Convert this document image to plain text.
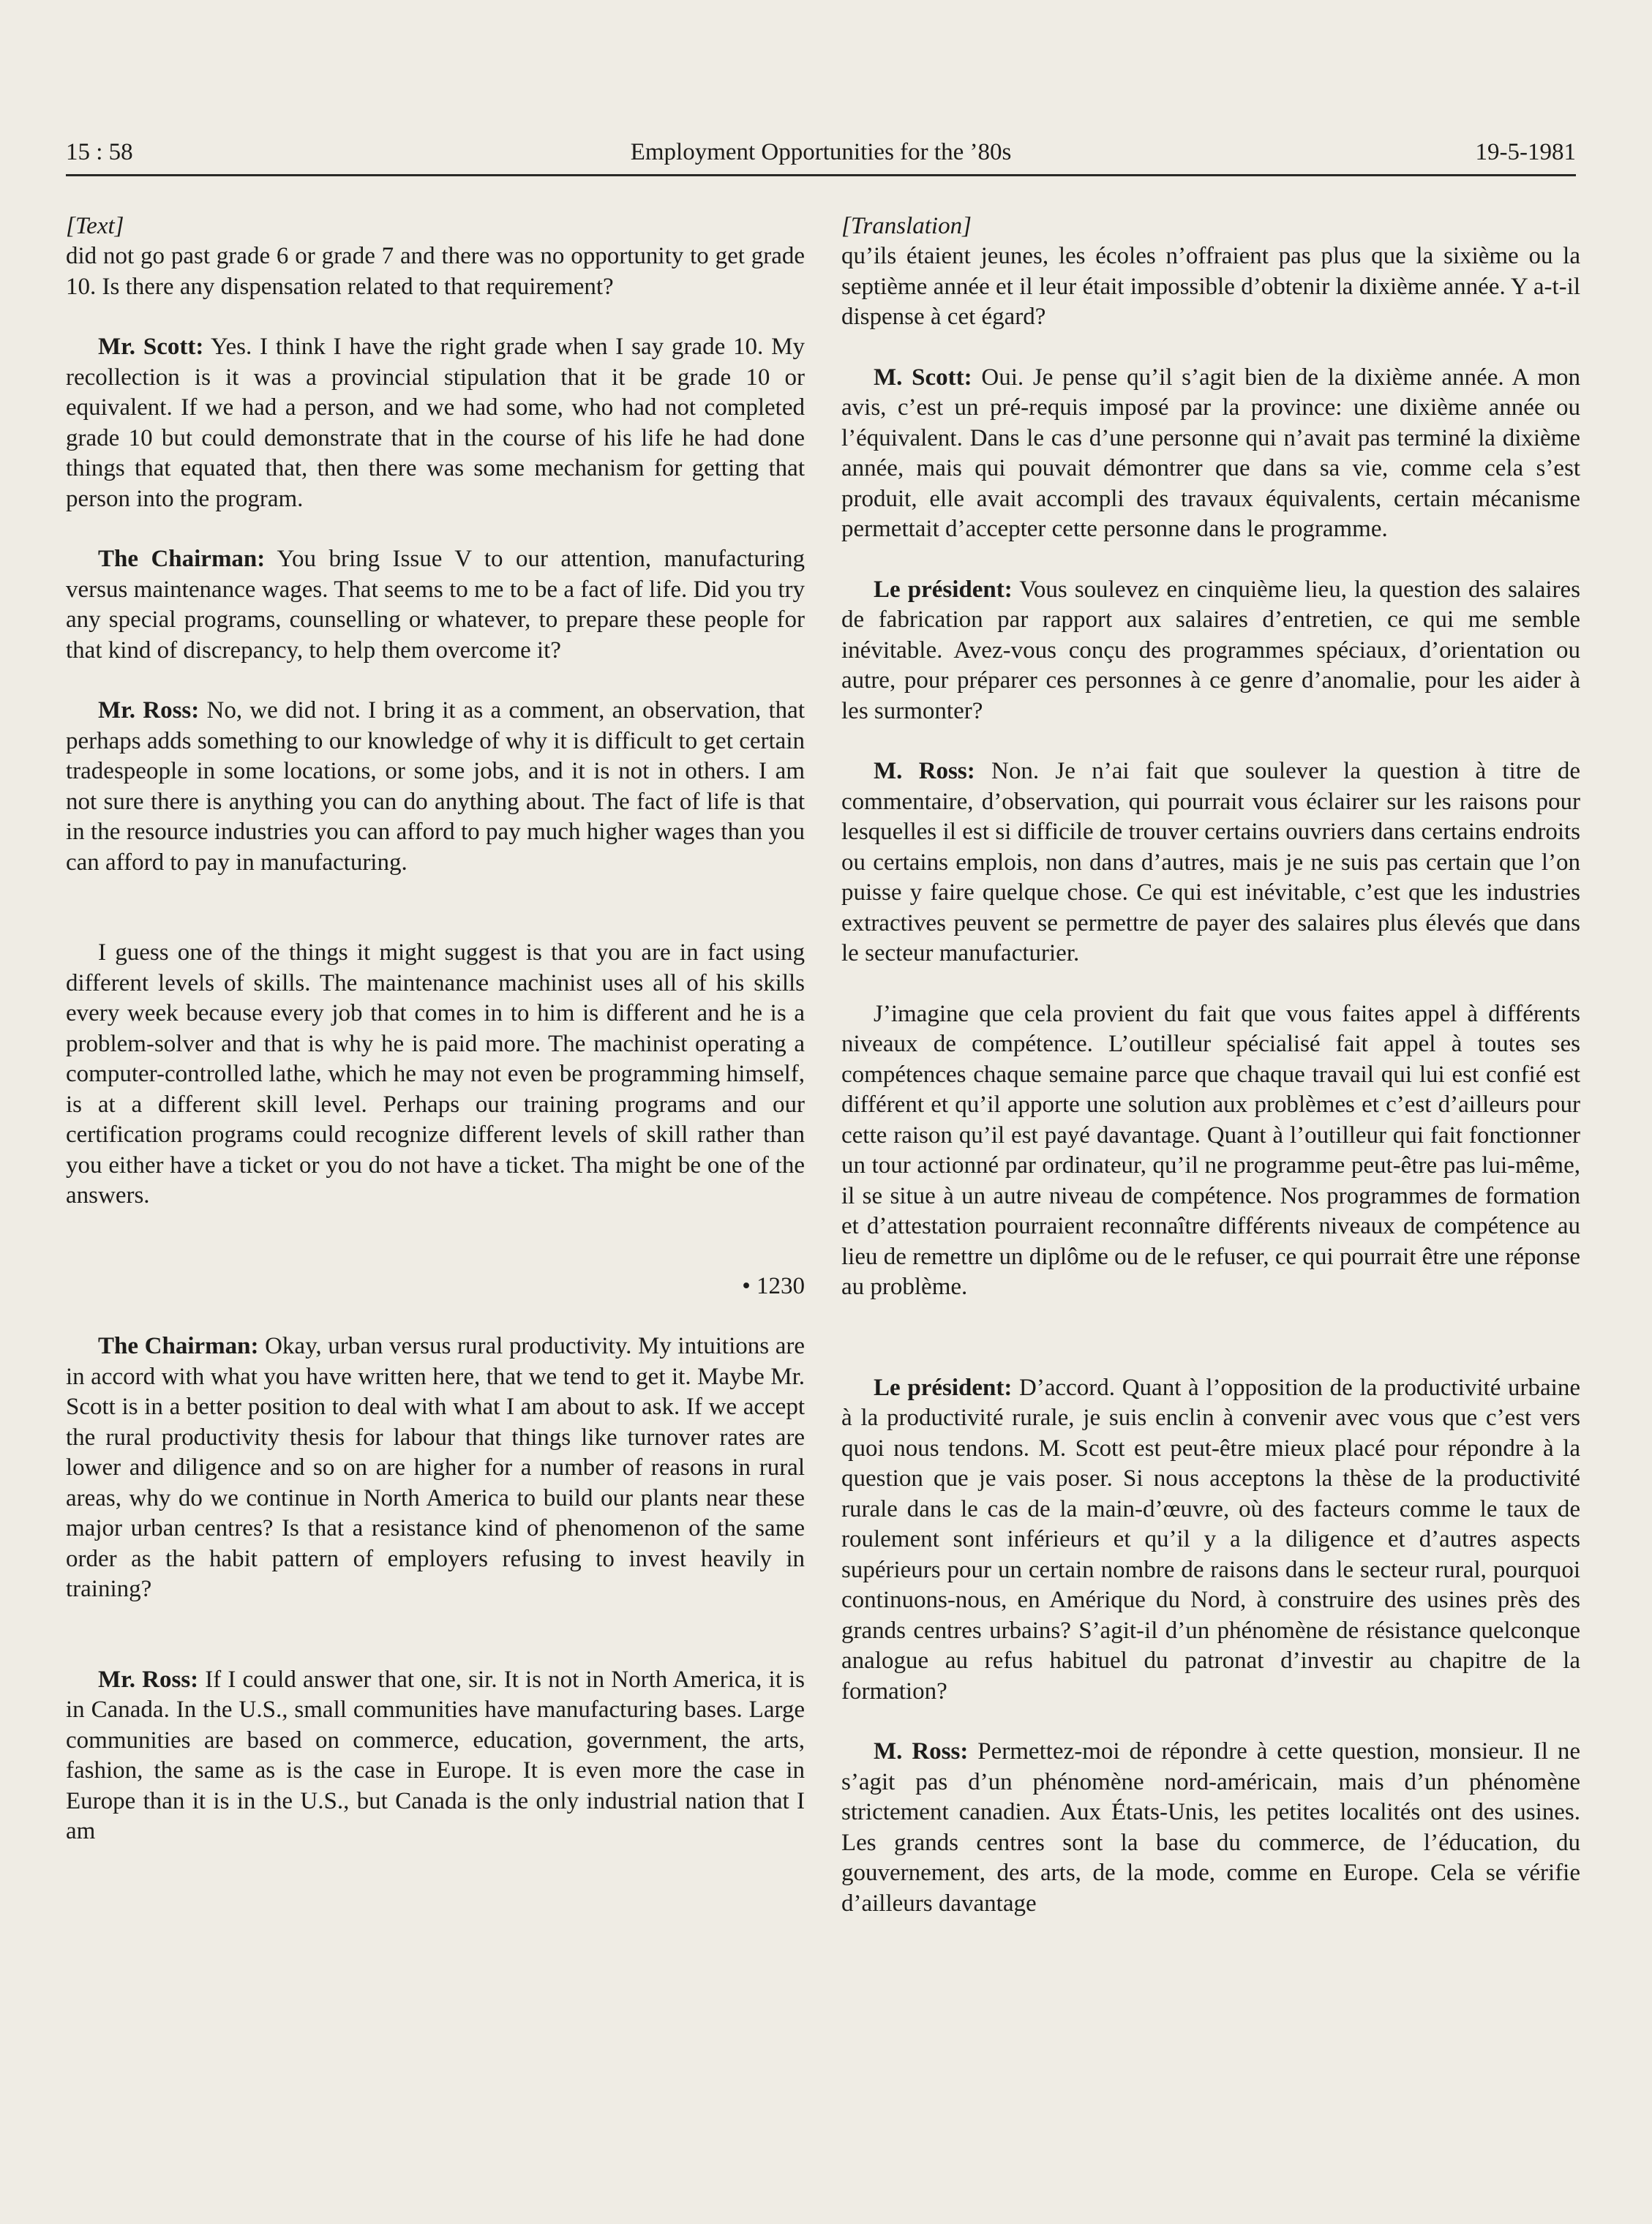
15 : 58	Employment Opportunities for the ’80s	19-5-1981
[Text]

did not go past grade 6 or grade 7 and there was no opportunity to get grade 10. Is there any dispensation related to that requirement?

Mr. Scott: Yes. I think I have the right grade when I say grade 10. My recollection is it was a provincial stipulation that it be grade 10 or equivalent. If we had a person, and we had some, who had not completed grade 10 but could demonstrate that in the course of his life he had done things that equated that, then there was some mechanism for getting that person into the program.

The Chairman: You bring Issue V to our attention, manufacturing versus maintenance wages. That seems to me to be a fact of life. Did you try any special programs, counselling or whatever, to prepare these people for that kind of discrepancy, to help them overcome it?

Mr. Ross: No, we did not. I bring it as a comment, an observation, that perhaps adds something to our knowledge of why it is difficult to get certain tradespeople in some locations, or some jobs, and it is not in others. I am not sure there is anything you can do anything about. The fact of life is that in the resource industries you can afford to pay much higher wages than you can afford to pay in manufacturing.

I guess one of the things it might suggest is that you are in fact using different levels of skills. The maintenance machinist uses all of his skills every week because every job that comes in to him is different and he is a problem-solver and that is why he is paid more. The machinist operating a computer-controlled lathe, which he may not even be programming himself, is at a different skill level. Perhaps our training programs and our certification programs could recognize different levels of skill rather than you either have a ticket or you do not have a ticket. Tha might be one of the answers.

• 1230

The Chairman: Okay, urban versus rural productivity. My intuitions are in accord with what you have written here, that we tend to get it. Maybe Mr. Scott is in a better position to deal with what I am about to ask. If we accept the rural productivity thesis for labour that things like turnover rates are lower and diligence and so on are higher for a number of reasons in rural areas, why do we continue in North America to build our plants near these major urban centres? Is that a resistance kind of phenomenon of the same order as the habit pattern of employers refusing to invest heavily in training?

Mr. Ross: If I could answer that one, sir. It is not in North America, it is in Canada. In the U.S., small communities have manufacturing bases. Large communities are based on commerce, education, government, the arts, fashion, the same as is the case in Europe. It is even more the case in Europe than it is in the U.S., but Canada is the only industrial nation that I am

[Translation]

qu’ils étaient jeunes, les écoles n’offraient pas plus que la sixième ou la septième année et il leur était impossible d’obtenir la dixième année. Y a-t-il dispense à cet égard?

M. Scott: Oui. Je pense qu’il s’agit bien de la dixième année. A mon avis, c’est un pré-requis imposé par la province: une dixième année ou l’équivalent. Dans le cas d’une personne qui n’avait pas terminé la dixième année, mais qui pouvait démontrer que dans sa vie, comme cela s’est produit, elle avait accompli des travaux équivalents, certain mécanisme permettait d’accepter cette personne dans le programme.

Le président: Vous soulevez en cinquième lieu, la question des salaires de fabrication par rapport aux salaires d’entretien, ce qui me semble inévitable. Avez-vous conçu des programmes spéciaux, d’orientation ou autre, pour préparer ces personnes à ce genre d’anomalie, pour les aider à les surmonter?

M. Ross: Non. Je n’ai fait que soulever la question à titre de commentaire, d’observation, qui pourrait vous éclairer sur les raisons pour lesquelles il est si difficile de trouver certains ouvriers dans certains endroits ou certains emplois, non dans d’autres, mais je ne suis pas certain que l’on puisse y faire quelque chose. Ce qui est inévitable, c’est que les industries extractives peuvent se permettre de payer des salaires plus élevés que dans le secteur manufacturier.

J’imagine que cela provient du fait que vous faites appel à différents niveaux de compétence. L’outilleur spécialisé fait appel à toutes ses compétences chaque semaine parce que chaque travail qui lui est confié est différent et qu’il apporte une solution aux problèmes et c’est d’ailleurs pour cette raison qu’il est payé davantage. Quant à l’outilleur qui fait fonctionner un tour actionné par ordinateur, qu’il ne programme peut-être pas lui-même, il se situe à un autre niveau de compétence. Nos programmes de formation et d’attestation pourraient reconnaître différents niveaux de compétence au lieu de remettre un diplôme ou de le refuser, ce qui pourrait être une réponse au problème.

Le président: D’accord. Quant à l’opposition de la productivité urbaine à la productivité rurale, je suis enclin à convenir avec vous que c’est vers quoi nous tendons. M. Scott est peut-être mieux placé pour répondre à la question que je vais poser. Si nous acceptons la thèse de la productivité rurale dans le cas de la main-d’œuvre, où des facteurs comme le taux de roulement sont inférieurs et qu’il y a la diligence et d’autres aspects supérieurs pour un certain nombre de raisons dans le secteur rural, pourquoi continuons-nous, en Amérique du Nord, à construire des usines près des grands centres urbains? S’agit-il d’un phénomène de résistance quelconque analogue au refus habituel du patronat d’investir au chapitre de la formation?

M. Ross: Permettez-moi de répondre à cette question, monsieur. Il ne s’agit pas d’un phénomène nord-américain, mais d’un phénomène strictement canadien. Aux États-Unis, les petites localités ont des usines. Les grands centres sont la base du commerce, de l’éducation, du gouvernement, des arts, de la mode, comme en Europe. Cela se vérifie d’ailleurs davantage
